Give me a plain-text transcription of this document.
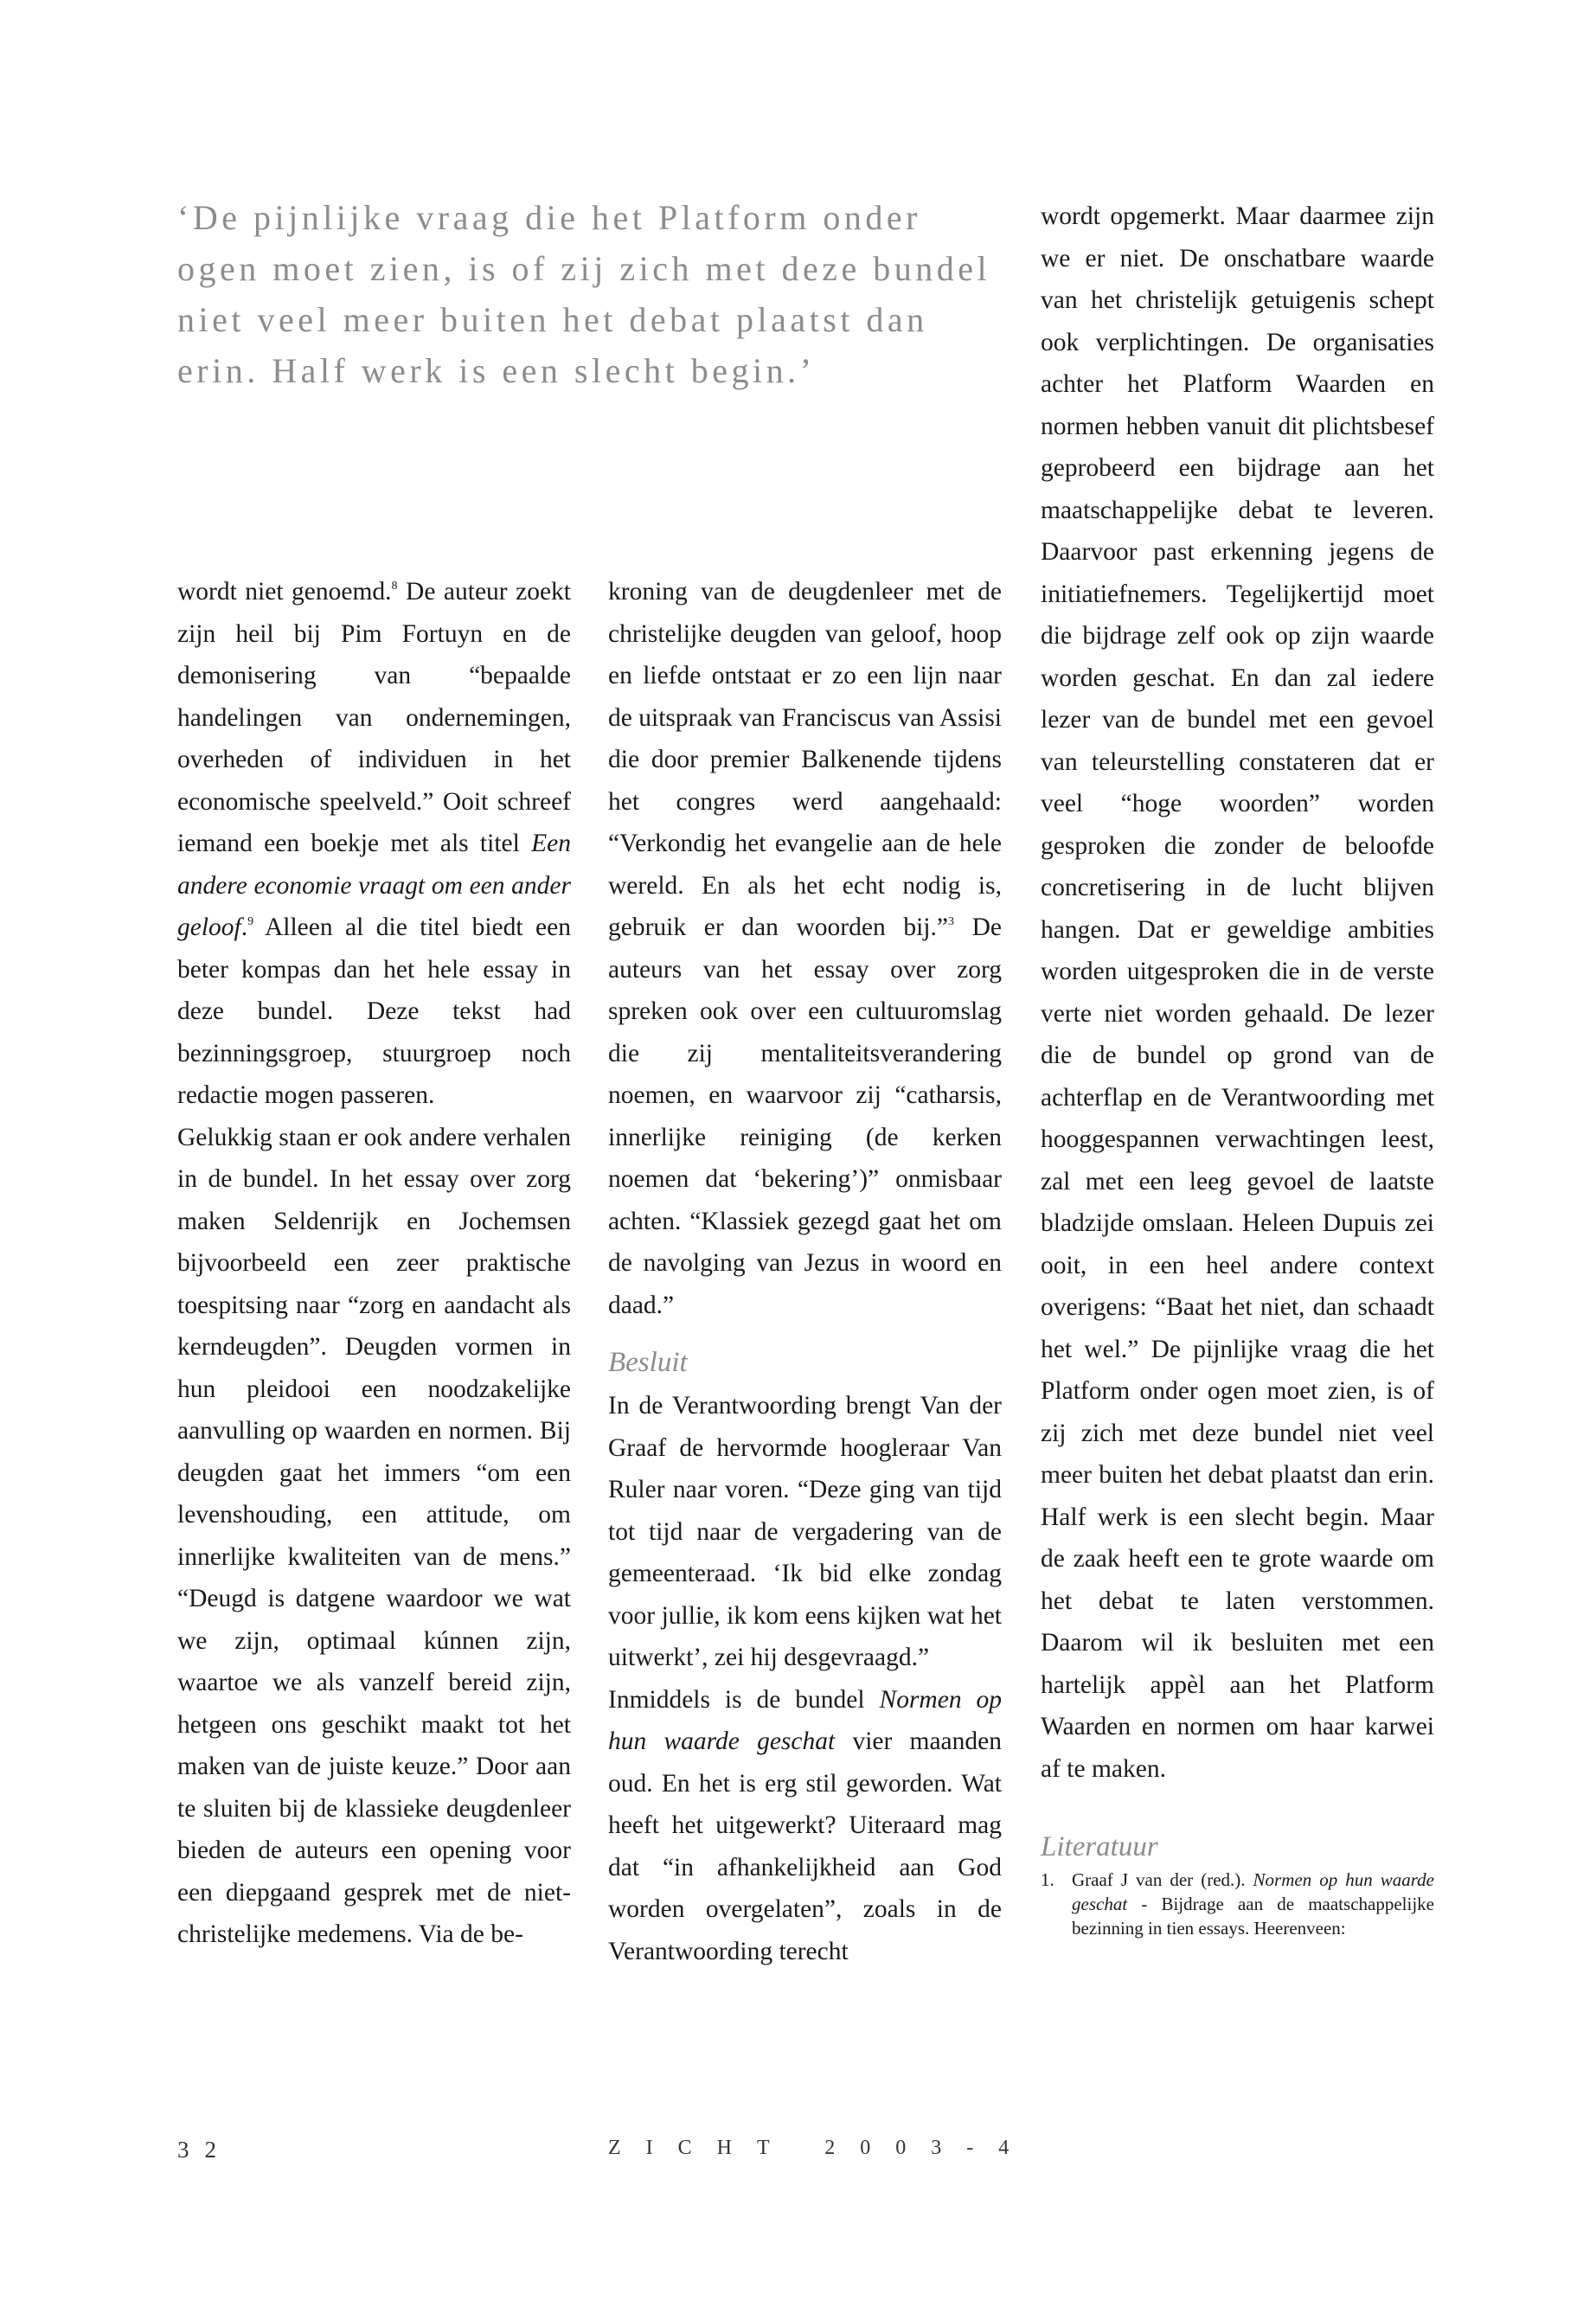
‘De pijnlijke vraag die het Platform onder ogen moet zien, is of zij zich met deze bundel niet veel meer buiten het debat plaatst dan erin. Half werk is een slecht begin.’

wordt niet genoemd.$^8$ De auteur zoekt zijn heil bij Pim Fortuyn en de demonisering van “bepaalde handelingen van ondernemingen, overheden of individuen in het economische speelveld.” Ooit schreef iemand een boekje met als titel Een andere economie vraagt om een ander geloof.$^9$ Alleen al die titel biedt een beter kompas dan het hele essay in deze bundel. Deze tekst had bezinningsgroep, stuurgroep noch redactie mogen passeren.

Gelukkig staan er ook andere verhalen in de bundel. In het essay over zorg maken Seldenrijk en Jochemsen bijvoorbeeld een zeer praktische toespitsing naar “zorg en aandacht als kerndeugden”. Deugden vormen in hun pleidooi een noodzakelijke aanvulling op waarden en normen. Bij deugden gaat het immers “om een levenshouding, een attitude, om innerlijke kwaliteiten van de mens.” “Deugd is datgene waardoor we wat we zijn, optimaal kúnnen zijn, waartoe we als vanzelf bereid zijn, hetgeen ons geschikt maakt tot het maken van de juiste keuze.” Door aan te sluiten bij de klassieke deugdenleer bieden de auteurs een opening voor een diepgaand gesprek met de niet-christelijke medemens. Via de be-

kroning van de deugdenleer met de christelijke deugden van geloof, hoop en liefde ontstaat er zo een lijn naar de uitspraak van Franciscus van Assisi die door premier Balkenende tijdens het congres werd aangehaald: “Verkondig het evangelie aan de hele wereld. En als het echt nodig is, gebruik er dan woorden bij.”$^3$ De auteurs van het essay over zorg spreken ook over een cultuuromslag die zij mentaliteitsverandering noemen, en waarvoor zij “catharsis, innerlijke reiniging (de kerken noemen dat ‘bekering’)” onmisbaar achten. “Klassiek gezegd gaat het om de navolging van Jezus in woord en daad.”

Besluit

In de Verantwoording brengt Van der Graaf de hervormde hoogleraar Van Ruler naar voren. “Deze ging van tijd tot tijd naar de vergadering van de gemeenteraad. ‘Ik bid elke zondag voor jullie, ik kom eens kijken wat het uitwerkt’, zei hij desgevraagd.”

Inmiddels is de bundel Normen op hun waarde geschat vier maanden oud. En het is erg stil geworden. Wat heeft het uitgewerkt? Uiteraard mag dat “in afhankelijkheid aan God worden overgelaten”, zoals in de Verantwoording terecht

wordt opgemerkt. Maar daarmee zijn we er niet. De onschatbare waarde van het christelijk getuigenis schept ook verplichtingen. De organisaties achter het Platform Waarden en normen hebben vanuit dit plichtsbesef geprobeerd een bijdrage aan het maatschappelijke debat te leveren. Daarvoor past erkenning jegens de initiatiefnemers. Tegelijkertijd moet die bijdrage zelf ook op zijn waarde worden geschat. En dan zal iedere lezer van de bundel met een gevoel van teleurstelling constateren dat er veel “hoge woorden” worden gesproken die zonder de beloofde concretisering in de lucht blijven hangen. Dat er geweldige ambities worden uitgesproken die in de verste verte niet worden gehaald. De lezer die de bundel op grond van de achterflap en de Verantwoording met hooggespannen verwachtingen leest, zal met een leeg gevoel de laatste bladzijde omslaan. Heleen Dupuis zei ooit, in een heel andere context overigens: “Baat het niet, dan schaadt het wel.” De pijnlijke vraag die het Platform onder ogen moet zien, is of zij zich met deze bundel niet veel meer buiten het debat plaatst dan erin. Half werk is een slecht begin. Maar de zaak heeft een te grote waarde om het debat te laten verstommen. Daarom wil ik besluiten met een hartelijk appèl aan het Platform Waarden en normen om haar karwei af te maken.

Literatuur
1. Graaf J van der (red.). Normen op hun waarde geschat - Bijdrage aan de maatschappelijke bezinning in tien essays. Heerenveen:
32	ZICHT 2003-4
